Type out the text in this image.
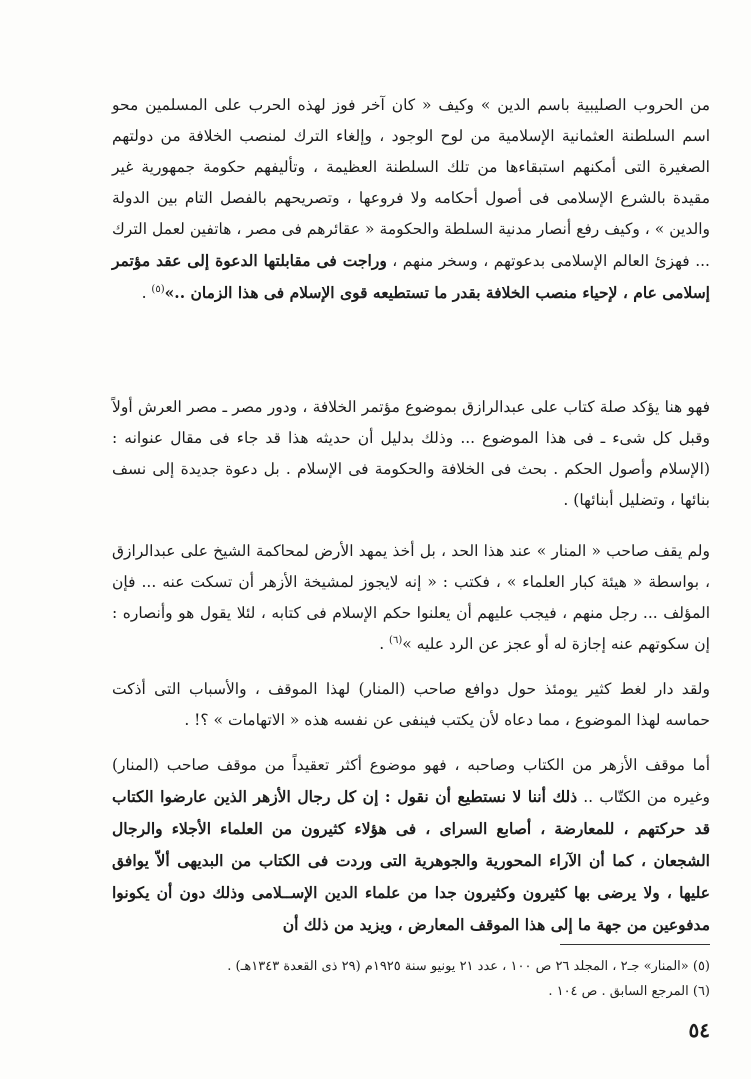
من الحروب الصليبية باسم الدين » وكيف « كان آخر فوز لهذه الحرب على المسلمين محو اسم السلطنة العثمانية الإسلامية من لوح الوجود ، وإلغاء الترك لمنصب الخلافة من دولتهم الصغيرة التى أمكنهم استبقاءها من تلك السلطنة العظيمة ، وتأليفهم حكومة جمهورية غير مقيدة بالشرع الإسلامى فى أصول أحكامه ولا فروعها ، وتصريحهم بالفصل التام بين الدولة والدين » ، وكيف رفع أنصار مدنية السلطة والحكومة « عقائرهم فى مصر ، هاتفين لعمل الترك ... فهزئ العالم الإسلامى بدعوتهم ، وسخر منهم ، وراجت فى مقابلتها الدعوة إلى عقد مؤتمر إسلامى عام ، لإحياء منصب الخلافة بقدر ما تستطيعه قوى الإسلام فى هذا الزمان ..»$^{(٥)}$ .

فهو هنا يؤكد صلة كتاب على عبدالرازق بموضوع مؤتمر الخلافة ، ودور مصر ـ مصر العرش أولاً وقبل كل شىء ـ فى هذا الموضوع ... وذلك بدليل أن حديثه هذا قد جاء فى مقال عنوانه : (الإسلام وأصول الحكم . بحث فى الخلافة والحكومة فى الإسلام . بل دعوة جديدة إلى نسف بنائها ، وتضليل أبنائها) .

ولم يقف صاحب « المنار » عند هذا الحد ، بل أخذ يمهد الأرض لمحاكمة الشيخ على عبدالرازق ، بواسطة « هيئة كبار العلماء » ، فكتب : « إنه لايجوز لمشيخة الأزهر أن تسكت عنه ... فإن المؤلف ... رجل منهم ، فيجب عليهم أن يعلنوا حكم الإسلام فى كتابه ، لئلا يقول هو وأنصاره : إن سكوتهم عنه إجازة له أو عجز عن الرد عليه »$^{(٦)}$ .

ولقد دار لغط كثير يومئذ حول دوافع صاحب (المنار) لهذا الموقف ، والأسباب التى أذكت حماسه لهذا الموضوع ، مما دعاه لأن يكتب فينفى عن نفسه هذه « الاتهامات » ؟! .

أما موقف الأزهر من الكتاب وصاحبه ، فهو موضوع أكثر تعقيداً من موقف صاحب (المنار) وغيره من الكتّاب .. ذلك أننا لا نستطيع أن نقول : إن كل رجال الأزهر الذين عارضوا الكتاب قد حركتهم ، للمعارضة ، أصابع السراى ، فى هؤلاء كثيرون من العلماء الأجلاء والرجال الشجعان ، كما أن الآراء المحورية والجوهرية التى وردت فى الكتاب من البديهى ألاّ يوافق عليها ، ولا يرضى بها كثيرون وكثيرون جدا من علماء الدين الإســلامى وذلك دون أن يكونوا مدفوعين من جهة ما إلى هذا الموقف المعارض ، ويزيد من ذلك أن

(٥) «المنار» جـ٢ ، المجلد ٢٦ ص ١٠٠ ، عدد ٢١ يونيو سنة ١٩٢٥م (٢٩ ذى القعدة ١٣٤٣هـ) .

(٦) المرجع السابق . ص ١٠٤ .

٥٤
